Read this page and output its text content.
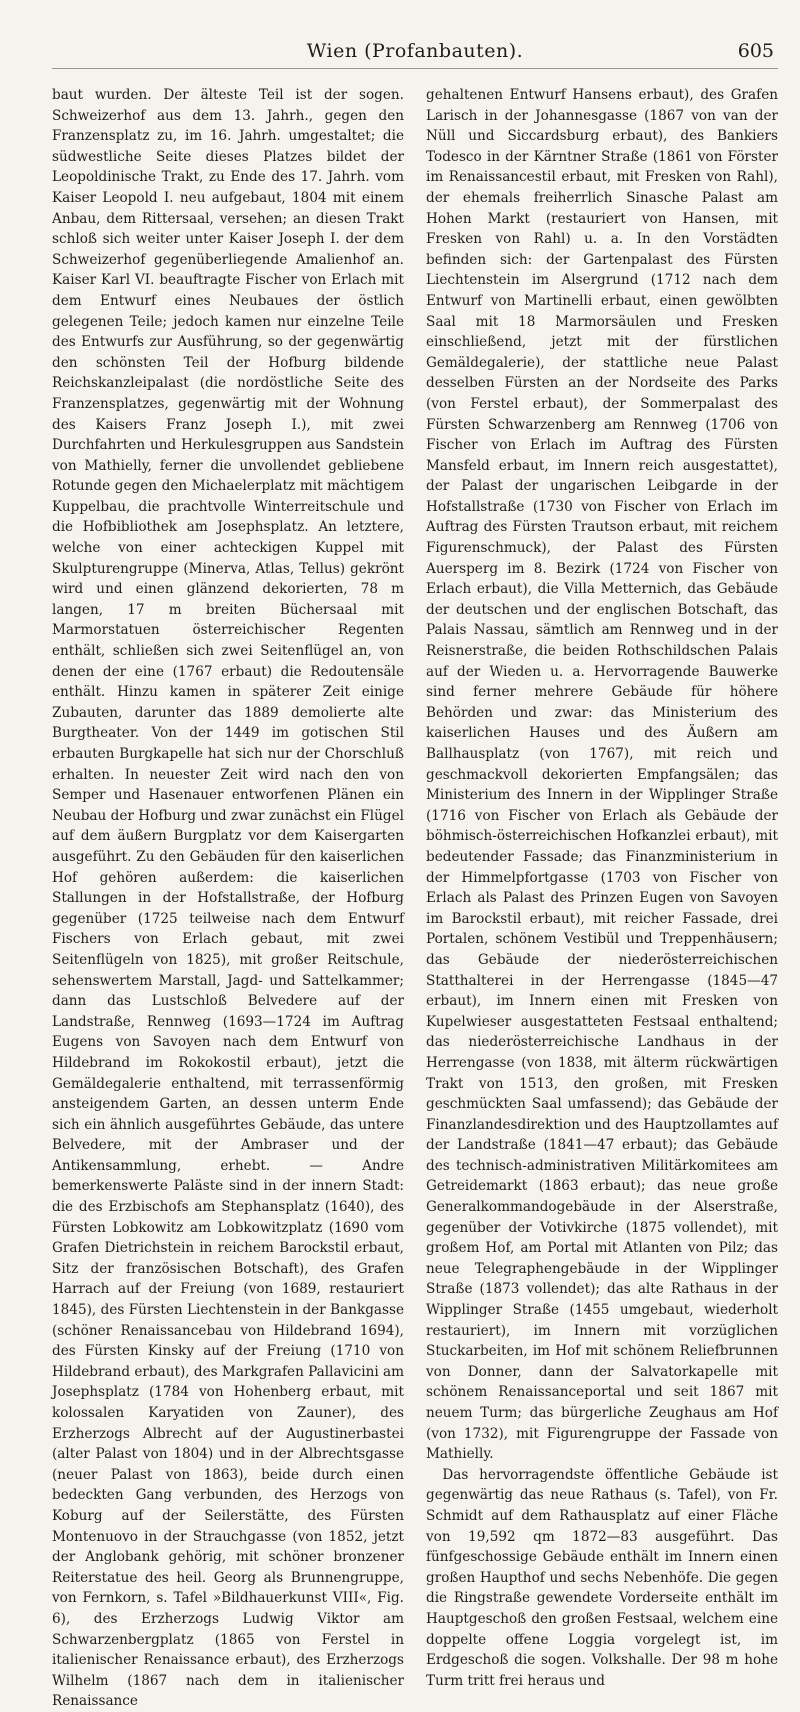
Wien (Profanbauten).	605

baut wurden. Der älteste Teil ist der sogen. Schweizerhof aus dem 13. Jahrh., gegen den Franzensplatz zu, im 16. Jahrh. umgestaltet; die südwestliche Seite dieses Platzes bildet der Leopoldinische Trakt, zu Ende des 17. Jahrh. vom Kaiser Leopold I. neu aufgebaut, 1804 mit einem Anbau, dem Rittersaal, versehen; an diesen Trakt schloß sich weiter unter Kaiser Joseph I. der dem Schweizerhof gegenüberliegende Amalienhof an. Kaiser Karl VI. beauftragte Fischer von Erlach mit dem Entwurf eines Neubaues der östlich gelegenen Teile; jedoch kamen nur einzelne Teile des Entwurfs zur Ausführung, so der gegenwärtig den schönsten Teil der Hofburg bildende Reichskanzleipalast (die nordöstliche Seite des Franzensplatzes, gegenwärtig mit der Wohnung des Kaisers Franz Joseph I.), mit zwei Durchfahrten und Herkulesgruppen aus Sandstein von Mathielly, ferner die unvollendet gebliebene Rotunde gegen den Michaelerplatz mit mächtigem Kuppelbau, die prachtvolle Winterreitschule und die Hofbibliothek am Josephsplatz. An letztere, welche von einer achteckigen Kuppel mit Skulpturengruppe (Minerva, Atlas, Tellus) gekrönt wird und einen glänzend dekorierten, 78 m langen, 17 m breiten Büchersaal mit Marmorstatuen österreichischer Regenten enthält, schließen sich zwei Seitenflügel an, von denen der eine (1767 erbaut) die Redoutensäle enthält. Hinzu kamen in späterer Zeit einige Zubauten, darunter das 1889 demolierte alte Burgtheater. Von der 1449 im gotischen Stil erbauten Burgkapelle hat sich nur der Chorschluß erhalten. In neuester Zeit wird nach den von Semper und Hasenauer entworfenen Plänen ein Neubau der Hofburg und zwar zunächst ein Flügel auf dem äußern Burgplatz vor dem Kaisergarten ausgeführt. Zu den Gebäuden für den kaiserlichen Hof gehören außerdem: die kaiserlichen Stallungen in der Hofstallstraße, der Hofburg gegenüber (1725 teilweise nach dem Entwurf Fischers von Erlach gebaut, mit zwei Seitenflügeln von 1825), mit großer Reitschule, sehenswertem Marstall, Jagd- und Sattelkammer; dann das Lustschloß Belvedere auf der Landstraße, Rennweg (1693—1724 im Auftrag Eugens von Savoyen nach dem Entwurf von Hildebrand im Rokokostil erbaut), jetzt die Gemäldegalerie enthaltend, mit terrassenförmig ansteigendem Garten, an dessen unterm Ende sich ein ähnlich ausgeführtes Gebäude, das untere Belvedere, mit der Ambraser und der Antikensammlung, erhebt. — Andre bemerkenswerte Paläste sind in der innern Stadt: die des Erzbischofs am Stephansplatz (1640), des Fürsten Lobkowitz am Lobkowitzplatz (1690 vom Grafen Dietrichstein in reichem Barockstil erbaut, Sitz der französischen Botschaft), des Grafen Harrach auf der Freiung (von 1689, restauriert 1845), des Fürsten Liechtenstein in der Bankgasse (schöner Renaissancebau von Hildebrand 1694), des Fürsten Kinsky auf der Freiung (1710 von Hildebrand erbaut), des Markgrafen Pallavicini am Josephsplatz (1784 von Hohenberg erbaut, mit kolossalen Karyatiden von Zauner), des Erzherzogs Albrecht auf der Augustinerbastei (alter Palast von 1804) und in der Albrechtsgasse (neuer Palast von 1863), beide durch einen bedeckten Gang verbunden, des Herzogs von Koburg auf der Seilerstätte, des Fürsten Montenuovo in der Strauchgasse (von 1852, jetzt der Anglobank gehörig, mit schöner bronzener Reiterstatue des heil. Georg als Brunnengruppe, von Fernkorn, s. Tafel »Bildhauerkunst VIII«, Fig. 6), des Erzherzogs Ludwig Viktor am Schwarzenbergplatz (1865 von Ferstel in italienischer Renaissance erbaut), des Erzherzogs Wilhelm (1867 nach dem in italienischer Renaissance

gehaltenen Entwurf Hansens erbaut), des Grafen Larisch in der Johannesgasse (1867 von van der Nüll und Siccardsburg erbaut), des Bankiers Todesco in der Kärntner Straße (1861 von Förster im Renaissancestil erbaut, mit Fresken von Rahl), der ehemals freiherrlich Sinasche Palast am Hohen Markt (restauriert von Hansen, mit Fresken von Rahl) u. a. In den Vorstädten befinden sich: der Gartenpalast des Fürsten Liechtenstein im Alsergrund (1712 nach dem Entwurf von Martinelli erbaut, einen gewölbten Saal mit 18 Marmorsäulen und Fresken einschließend, jetzt mit der fürstlichen Gemäldegalerie), der stattliche neue Palast desselben Fürsten an der Nordseite des Parks (von Ferstel erbaut), der Sommerpalast des Fürsten Schwarzenberg am Rennweg (1706 von Fischer von Erlach im Auftrag des Fürsten Mansfeld erbaut, im Innern reich ausgestattet), der Palast der ungarischen Leibgarde in der Hofstallstraße (1730 von Fischer von Erlach im Auftrag des Fürsten Trautson erbaut, mit reichem Figurenschmuck), der Palast des Fürsten Auersperg im 8. Bezirk (1724 von Fischer von Erlach erbaut), die Villa Metternich, das Gebäude der deutschen und der englischen Botschaft, das Palais Nassau, sämtlich am Rennweg und in der Reisnerstraße, die beiden Rothschildschen Palais auf der Wieden u. a. Hervorragende Bauwerke sind ferner mehrere Gebäude für höhere Behörden und zwar: das Ministerium des kaiserlichen Hauses und des Äußern am Ballhausplatz (von 1767), mit reich und geschmackvoll dekorierten Empfangsälen; das Ministerium des Innern in der Wipplinger Straße (1716 von Fischer von Erlach als Gebäude der böhmisch-österreichischen Hofkanzlei erbaut), mit bedeutender Fassade; das Finanzministerium in der Himmelpfortgasse (1703 von Fischer von Erlach als Palast des Prinzen Eugen von Savoyen im Barockstil erbaut), mit reicher Fassade, drei Portalen, schönem Vestibül und Treppenhäusern; das Gebäude der niederösterreichischen Statthalterei in der Herrengasse (1845—47 erbaut), im Innern einen mit Fresken von Kupelwieser ausgestatteten Festsaal enthaltend; das niederösterreichische Landhaus in der Herrengasse (von 1838, mit älterm rückwärtigen Trakt von 1513, den großen, mit Fresken geschmückten Saal umfassend); das Gebäude der Finanzlandesdirektion und des Hauptzollamtes auf der Landstraße (1841—47 erbaut); das Gebäude des technisch-administrativen Militärkomitees am Getreidemarkt (1863 erbaut); das neue große Generalkommandogebäude in der Alserstraße, gegenüber der Votivkirche (1875 vollendet), mit großem Hof, am Portal mit Atlanten von Pilz; das neue Telegraphengebäude in der Wipplinger Straße (1873 vollendet); das alte Rathaus in der Wipplinger Straße (1455 umgebaut, wiederholt restauriert), im Innern mit vorzüglichen Stuckarbeiten, im Hof mit schönem Reliefbrunnen von Donner, dann der Salvatorkapelle mit schönem Renaissanceportal und seit 1867 mit neuem Turm; das bürgerliche Zeughaus am Hof (von 1732), mit Figurengruppe der Fassade von Mathielly.

Das hervorragendste öffentliche Gebäude ist gegenwärtig das neue Rathaus (s. Tafel), von Fr. Schmidt auf dem Rathausplatz auf einer Fläche von 19,592 qm 1872—83 ausgeführt. Das fünfgeschossige Gebäude enthält im Innern einen großen Haupthof und sechs Nebenhöfe. Die gegen die Ringstraße gewendete Vorderseite enthält im Hauptgeschoß den großen Festsaal, welchem eine doppelte offene Loggia vorgelegt ist, im Erdgeschoß die sogen. Volkshalle. Der 98 m hohe Turm tritt frei heraus und
